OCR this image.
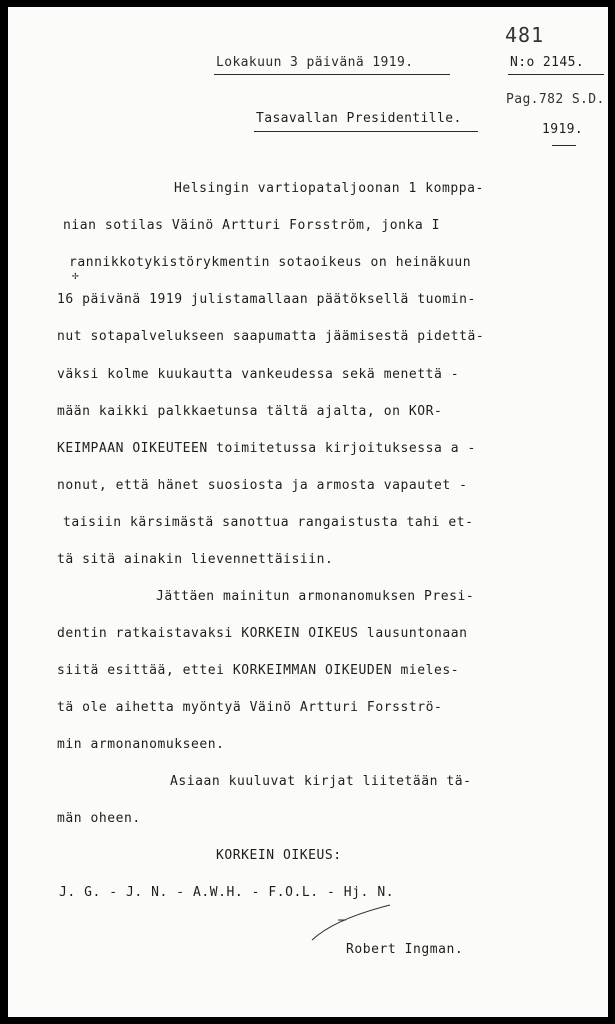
481
Lokakuun 3 päivänä 1919.	N:o 2145.
Pag.782 S.D.
1919.
Tasavallan Presidentille.
Helsingin vartiopataljoonan 1 komppa-
nian sotilas Väinö Artturi Forsström, jonka I
rannikkotykistörykmentin sotaoikeus on heinäkuun
✢
16 päivänä 1919 julistamallaan päätöksellä tuomin-
nut sotapalvelukseen saapumatta jäämisestä pidettä-
väksi kolme kuukautta vankeudessa sekä menettä -
mään kaikki palkkaetunsa tältä ajalta, on KOR-
KEIMPAAN OIKEUTEEN toimitetussa kirjoituksessa a -
nonut, että hänet suosiosta ja armosta vapautet -
taisiin kärsimästä sanottua rangaistusta tahi et-
tä sitä ainakin lievennettäisiin.
Jättäen mainitun armonanomuksen Presi-
dentin ratkaistavaksi KORKEIN OIKEUS lausuntonaan
siitä esittää, ettei KORKEIMMAN OIKEUDEN mieles-
tä ole aihetta myöntyä Väinö Artturi Forsströ-
min armonanomukseen.
Asiaan kuuluvat kirjat liitetään tä-
män oheen.
KORKEIN OIKEUS:
J. G. - J. N. - A.W.H. - F.O.L. - Hj. N.
Robert Ingman.
